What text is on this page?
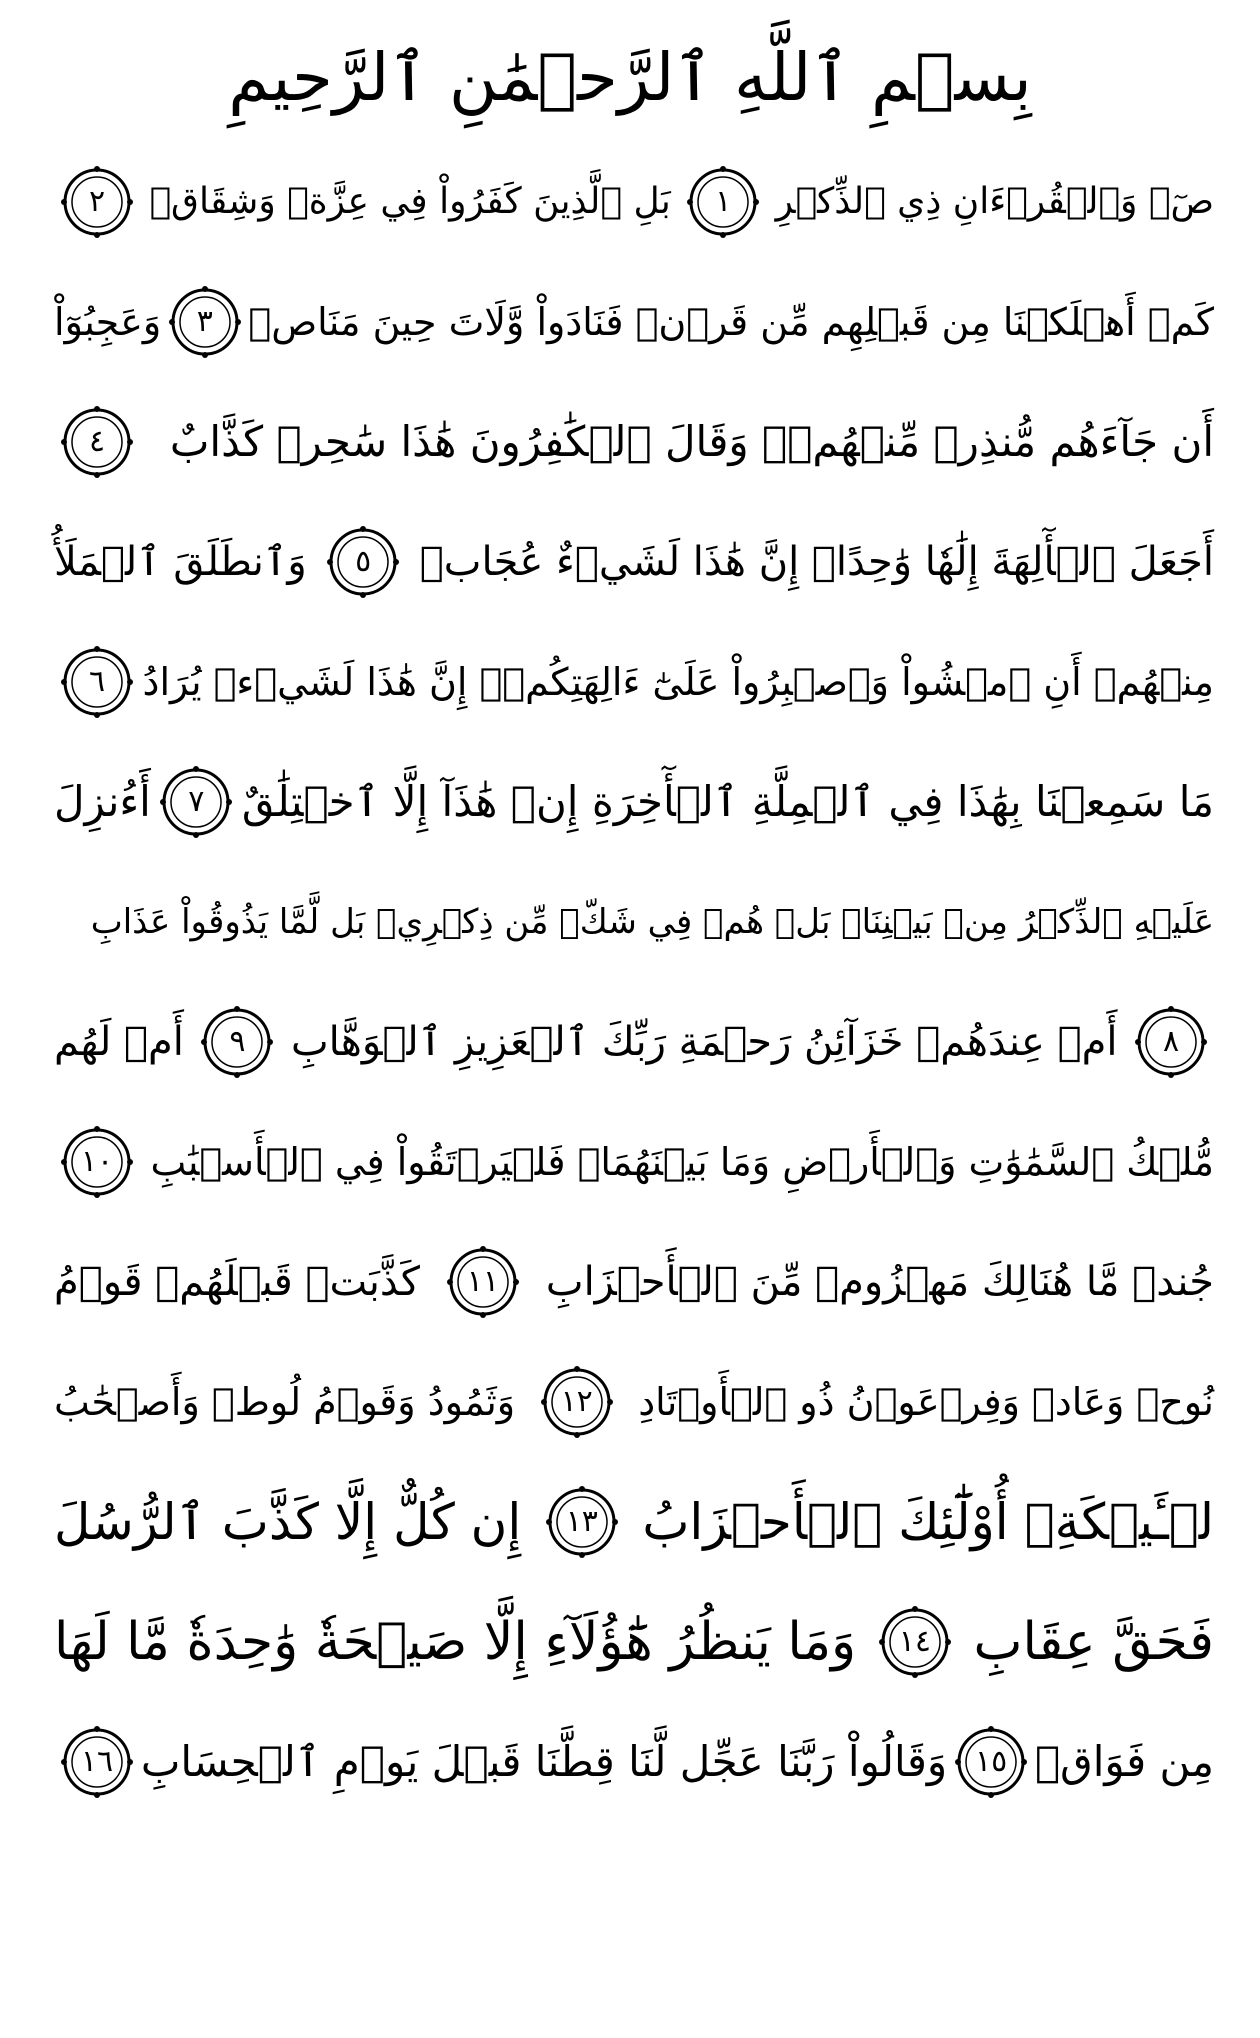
بِسۡمِ ٱللَّهِ ٱلرَّحۡمَٰنِ ٱلرَّحِيمِ
صٓۚ وَٱلۡقُرۡءَانِ ذِي ٱلذِّكۡرِ
١
بَلِ ٱلَّذِينَ كَفَرُواْ فِي عِزَّةٖ وَشِقَاقٖ
٢
كَمۡ أَهۡلَكۡنَا مِن قَبۡلِهِم مِّن قَرۡنٖ فَنَادَواْ وَّلَاتَ حِينَ مَنَاصٖ
٣
وَعَجِبُوٓاْ
أَن جَآءَهُم مُّنذِرٞ مِّنۡهُمۡۖ وَقَالَ ٱلۡكَٰفِرُونَ هَٰذَا سَٰحِرٞ كَذَّابٌ
٤
أَجَعَلَ ٱلۡأٓلِهَةَ إِلَٰهٗا وَٰحِدًاۖ إِنَّ هَٰذَا لَشَيۡءٌ عُجَابٞ
٥
وَٱنطَلَقَ ٱلۡمَلَأُ
مِنۡهُمۡ أَنِ ٱمۡشُواْ وَٱصۡبِرُواْ عَلَىٰٓ ءَالِهَتِكُمۡۖ إِنَّ هَٰذَا لَشَيۡءٞ يُرَادُ
٦
مَا سَمِعۡنَا بِهَٰذَا فِي ٱلۡمِلَّةِ ٱلۡأٓخِرَةِ إِنۡ هَٰذَآ إِلَّا ٱخۡتِلَٰقٌ
٧
أَءُنزِلَ
عَلَيۡهِ ٱلذِّكۡرُ مِنۢ بَيۡنِنَاۚ بَلۡ هُمۡ فِي شَكّٖ مِّن ذِكۡرِيۚ بَل لَّمَّا يَذُوقُواْ عَذَابِ
٨
أَمۡ عِندَهُمۡ خَزَآئِنُ رَحۡمَةِ رَبِّكَ ٱلۡعَزِيزِ ٱلۡوَهَّابِ
٩
أَمۡ لَهُم
مُّلۡكُ ٱلسَّمَٰوَٰتِ وَٱلۡأَرۡضِ وَمَا بَيۡنَهُمَاۖ فَلۡيَرۡتَقُواْ فِي ٱلۡأَسۡبَٰبِ
١٠
جُندٞ مَّا هُنَالِكَ مَهۡزُومٞ مِّنَ ٱلۡأَحۡزَابِ
١١
كَذَّبَتۡ قَبۡلَهُمۡ قَوۡمُ
نُوحٖ وَعَادٞ وَفِرۡعَوۡنُ ذُو ٱلۡأَوۡتَادِ
١٢
وَثَمُودُ وَقَوۡمُ لُوطٖ وَأَصۡحَٰبُ
لۡـَٔيۡكَةِۚ أُوْلَٰٓئِكَ ٱلۡأَحۡزَابُ
١٣
إِن كُلٌّ إِلَّا كَذَّبَ ٱلرُّسُلَ
فَحَقَّ عِقَابِ
١٤
وَمَا يَنظُرُ هَٰٓؤُلَآءِ إِلَّا صَيۡحَةٗ وَٰحِدَةٗ مَّا لَهَا
مِن فَوَاقٖ
١٥
وَقَالُواْ رَبَّنَا عَجِّل لَّنَا قِطَّنَا قَبۡلَ يَوۡمِ ٱلۡحِسَابِ
١٦
